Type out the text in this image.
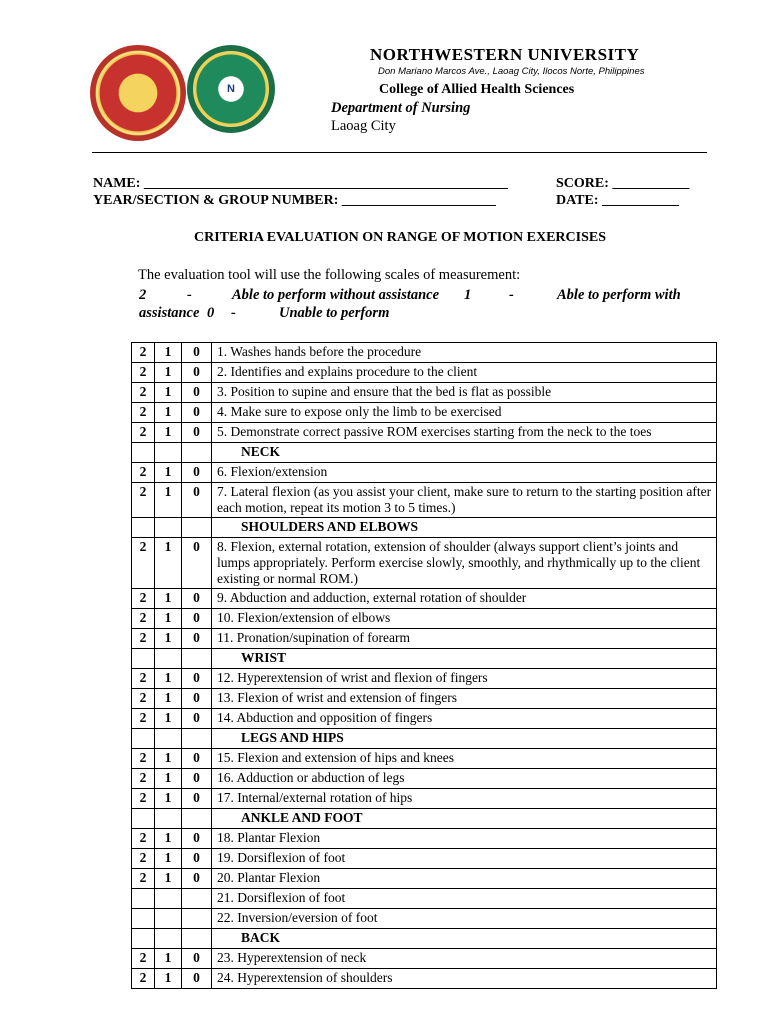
N
NORTHWESTERN UNIVERSITY
Don Mariano Marcos Ave., Laoag City, Ilocos Norte, Philippines
College of Allied Health Sciences
Department of Nursing
Laoag City
NAME: ____________________________________________________	SCORE: ___________
YEAR/SECTION & GROUP NUMBER: ______________________	DATE: ___________
CRITERIA EVALUATION ON RANGE OF MOTION EXERCISES
The evaluation tool will use the following scales of measurement:
2	-	Able to perform without assistance 1	-	Able to perform with
assistance 0 -	Unable to perform
2	1	0	1. Washes hands before the procedure
2	1	0	2. Identifies and explains procedure to the client
2	1	0	3. Position to supine and ensure that the bed is flat as possible
2	1	0	4. Make sure to expose only the limb to be exercised
2	1	0	5. Demonstrate correct passive ROM exercises starting from the neck to the toes
			NECK
2	1	0	6. Flexion/extension
2	1	0	7. Lateral flexion (as you assist your client, make sure to return to the starting position after each motion, repeat its motion 3 to 5 times.)
			SHOULDERS AND ELBOWS
2	1	0	8. Flexion, external rotation, extension of shoulder (always support client’s joints and lumps appropriately. Perform exercise slowly, smoothly, and rhythmically up to the client existing or normal ROM.)
2	1	0	9. Abduction and adduction, external rotation of shoulder
2	1	0	10. Flexion/extension of elbows
2	1	0	11. Pronation/supination of forearm
			WRIST
2	1	0	12. Hyperextension of wrist and flexion of fingers
2	1	0	13. Flexion of wrist and extension of fingers
2	1	0	14. Abduction and opposition of fingers
			LEGS AND HIPS
2	1	0	15. Flexion and extension of hips and knees
2	1	0	16. Adduction or abduction of legs
2	1	0	17. Internal/external rotation of hips
			ANKLE AND FOOT
2	1	0	18. Plantar Flexion
2	1	0	19. Dorsiflexion of foot
2	1	0	20. Plantar Flexion
			21. Dorsiflexion of foot
			22. Inversion/eversion of foot
			BACK
2	1	0	23. Hyperextension of neck
2	1	0	24. Hyperextension of shoulders
